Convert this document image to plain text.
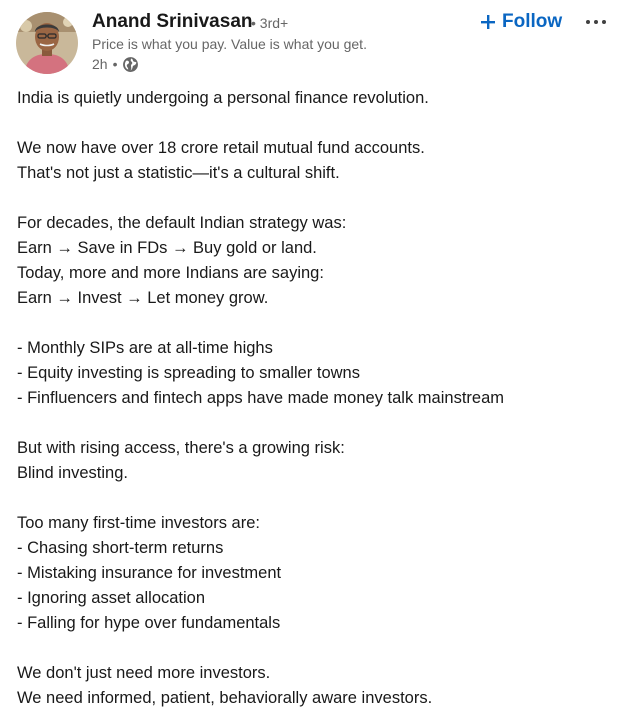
Anand Srinivasan
• 3rd+
Price is what you pay. Value is what you get.
2h •
Follow
India is quietly undergoing a personal finance revolution.
We now have over 18 crore retail mutual fund accounts.
That's not just a statistic—it's a cultural shift.
For decades, the default Indian strategy was:
Earn → Save in FDs → Buy gold or land.
Today, more and more Indians are saying:
Earn → Invest → Let money grow.
- Monthly SIPs are at all-time highs
- Equity investing is spreading to smaller towns
- Finfluencers and fintech apps have made money talk mainstream
But with rising access, there's a growing risk:
Blind investing.
Too many first-time investors are:
- Chasing short-term returns
- Mistaking insurance for investment
- Ignoring asset allocation
- Falling for hype over fundamentals
We don't just need more investors.
We need informed, patient, behaviorally aware investors.
